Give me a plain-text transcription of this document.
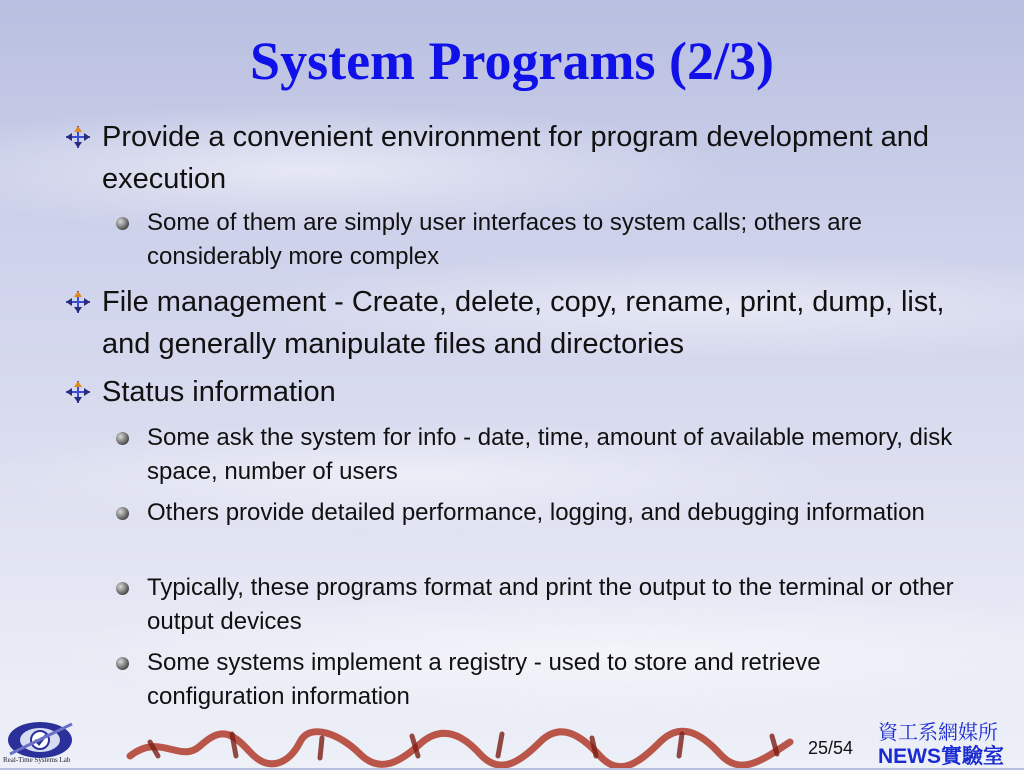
System Programs (2/3)
Provide a convenient environment for program development and execution
Some of them are simply user interfaces to system calls; others are considerably more complex
File management - Create, delete, copy, rename, print, dump, list, and generally manipulate files and directories
Status information
Some ask the system for info - date, time, amount of available memory, disk space, number of users
Others provide detailed performance, logging, and debugging information
Typically, these programs format and print the output to the terminal or other output devices
Some systems implement a registry - used to store and retrieve configuration information
Real-Time Systems Lab
25/54
資工系網媒所
NEWS實驗室
